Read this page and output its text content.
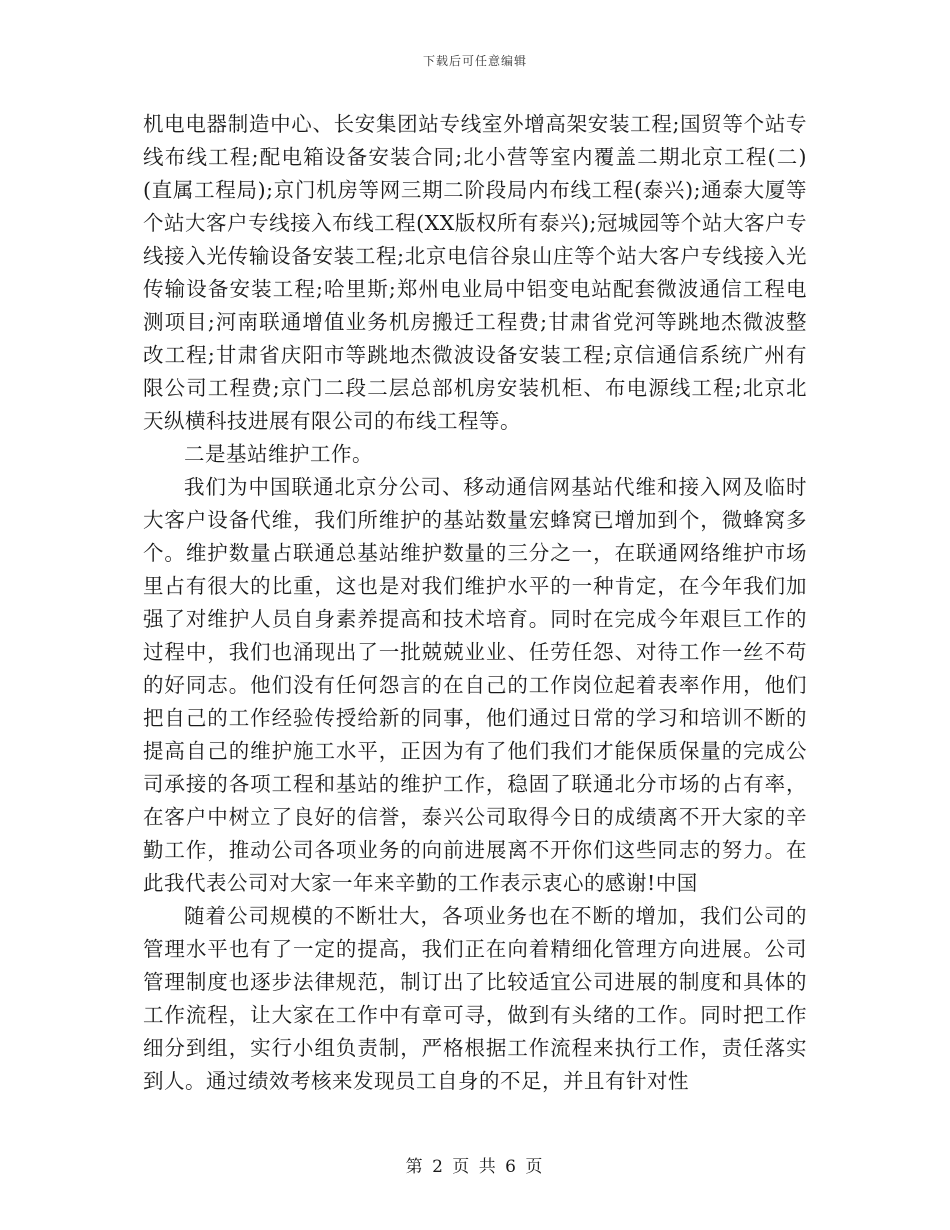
下载后可任意编辑

机电电器制造中心、长安集团站专线室外增高架安装工程;国贸等个站专线布线工程;配电箱设备安装合同;北小营等室内覆盖二期北京工程(二)(直属工程局);京门机房等网三期二阶段局内布线工程(泰兴);通泰大厦等个站大客户专线接入布线工程(XX版权所有泰兴);冠城园等个站大客户专线接入光传输设备安装工程;北京电信谷泉山庄等个站大客户专线接入光传输设备安装工程;哈里斯;郑州电业局中铝变电站配套微波通信工程电测项目;河南联通增值业务机房搬迁工程费;甘肃省党河等跳地杰微波整改工程;甘肃省庆阳市等跳地杰微波设备安装工程;京信通信系统广州有限公司工程费;京门二段二层总部机房安装机柜、布电源线工程;北京北天纵横科技进展有限公司的布线工程等。

二是基站维护工作。

我们为中国联通北京分公司、移动通信网基站代维和接入网及临时大客户设备代维，我们所维护的基站数量宏蜂窝已增加到个，微蜂窝多个。维护数量占联通总基站维护数量的三分之一，在联通网络维护市场里占有很大的比重，这也是对我们维护水平的一种肯定，在今年我们加强了对维护人员自身素养提高和技术培育。同时在完成今年艰巨工作的过程中，我们也涌现出了一批兢兢业业、任劳任怨、对待工作一丝不苟的好同志。他们没有任何怨言的在自己的工作岗位起着表率作用，他们把自己的工作经验传授给新的同事，他们通过日常的学习和培训不断的提高自己的维护施工水平，正因为有了他们我们才能保质保量的完成公司承接的各项工程和基站的维护工作，稳固了联通北分市场的占有率，在客户中树立了良好的信誉，泰兴公司取得今日的成绩离不开大家的辛勤工作，推动公司各项业务的向前进展离不开你们这些同志的努力。在此我代表公司对大家一年来辛勤的工作表示衷心的感谢!中国

随着公司规模的不断壮大，各项业务也在不断的增加，我们公司的管理水平也有了一定的提高，我们正在向着精细化管理方向进展。公司管理制度也逐步法律规范，制订出了比较适宜公司进展的制度和具体的工作流程，让大家在工作中有章可寻，做到有头绪的工作。同时把工作细分到组，实行小组负责制，严格根据工作流程来执行工作，责任落实到人。通过绩效考核来发现员工自身的不足，并且有针对性

第 2 页 共 6 页
